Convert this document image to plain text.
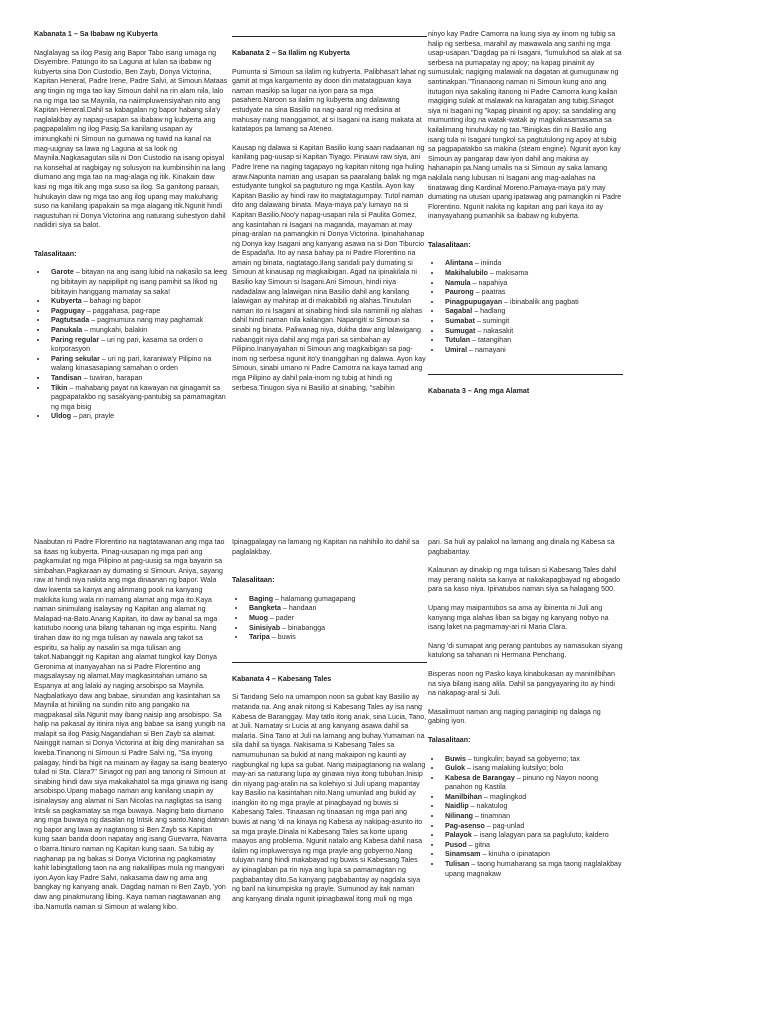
Kabanata 1 – Sa Ibabaw ng Kubyerta

Naglalayag sa ilog Pasig ang Bapor Tabo isang umaga ng Disyembre. Patungo ito sa Laguna at lulan sa ibabaw ng kubyerta sina Don Custodio, Ben Zayb, Donya Victorina, Kapitan Heneral, Padre Irene, Padre Salvi, at Simoun.Mataas ang tingin ng mga tao kay Simoun dahil na rin alam nila, lalo na ng mga tao sa Maynila, na naiimpluwensiyahan nito ang Kapitan Heneral.Dahil sa kabagalan ng bapor habang sila'y naglalakbay ay napag-usapan sa ibabaw ng kubyerta ang pagpapalalim ng ilog Pasig.Sa kanilang usapan ay iminungkahi ni Simoun na gumawa ng tuwid na kanal na mag-uugnay sa lawa ng Laguna at sa look ng Maynila.Nagkasagutan sila ni Don Custodio na isang opisyal na konsehal at nagbigay ng solusyon na kumbinsihin na lang diumano ang mga tao na mag-alaga ng itik. Kinakain daw kasi ng mga itik ang mga suso sa ilog. Sa ganitong paraan, huhukayin daw ng mga tao ang ilog upang may makuhang suso na kanilang ipapakain sa mga alagang itik.Ngunit hindi nagustuhan ni Donya Victorina ang naturang suhestyon dahil nadidiri siya sa balot.

Talasalitaan:
• Garote – bitayan na ang isang lubid na nakasilo sa leeg ng bibitayin ay napipilipit ng isang pamihit sa likod ng bibitayin hanggang mamatay sa saka!
• Kubyerta – bahagi ng bapor
• Pagpugay – paggahasa, pag-rape
• Pagtutsada – pagmumura nang may paghamak
• Panukala – mungkahi, balakin
• Paring regular – uri ng pari, kasama sa orden o korporasyon
• Paring sekular – uri ng pari, karaniwa'y Pilipino na walang kinasasapiang samahan o orden
• Tandisan – tuwiran, harapan
• Tikin – mahabang payat na kawayan na ginagamit sa pagpapatakbo ng sasakyang-pantubig sa pamamagitan ng mga bisig
• Uldog – pari, prayle
Kabanata 2 – Sa Ilalim ng Kubyerta

Pumunta si Simoun sa ilalim ng kubyerta. Palibhasa't lahat ng gamit at mga kargamento ay doon din matatagpuan kaya naman masikip sa lugar na iyon para sa mga pasahero.Naroon sa ilalim ng kubyerta ang dalawang estudyate na sina Basilio na nag-aaral ng medisina at mahusay nang manggamot, at si Isagani na isang makata at katatapos pa lamang sa Ateneo.

Kausap ng dalawa si Kapitan Basilio kung saan nadaanan ng kanilang pag-uusap si Kapitan Tiyago. Pinauwi raw siya, ani Padre Irene na naging tagapayo ng kapitan nitong nga huling araw.Napunta naman ang usapan sa paaralang balak ng mga estudyante tungkol sa pagtuturo ng mga Kastila. Ayon kay Kapitan Basilio ay hindi raw ito magtatagumpay. Tutol naman dito ang dalawang binata. Maya-maya pa'y lumayo na si Kapitan Basilio.Noo'y napag-usapan nila si Paulita Gomez, ang kasintahan ni Isagani na maganda, mayaman at may pinag-aralan na pamangkin ni Donya Victorina. Ipinahahanap ng Donya kay Isagani ang kanyang asawa na si Don Tiburcio de Espadaña. Ito ay nasa bahay pa ni Padre Florentino na amain ng binata, nagtatago.Ilang sandali pa'y dumating si Simoun at kinausap ng magkaibigan. Agad na ipinakilala ni Basilio kay Simoun si Isagani.Ani Simoun, hindi niya nadadalaw ang lalawigan nina Basilio dahil ang kanilang lalawigan ay mahirap at di makabibili ng alahas.Tinutulan naman ito ni Isagani at sinabing hindi sila namimili ng alahas dahil hindi naman nila kailangan. Napangiti si Simoun sa sinabi ng binata. Paliwanag niya, dukha daw ang lalawigang nabanggit niya dahil ang mga pari sa simbahan ay Pilipino.Inanyayahan ni Simoun ang magkaibigan sa pag-inom ng serbesa ngunit ito'y tinanggihan ng dalawa. Ayon kay Simoun, sinabi umano ni Padre Camorra na kaya tamad ang mga Pilipino ay dahil pala-inom ng tubig at hindi ng serbesa.Tinugon siya ni Basilio at sinabing, "sabihin

ninyo kay Padre Camorra na kung siya ay iinom ng tubig sa halip ng serbesa, marahil ay mawawala ang sanhi ng mga usap-usapan."Dagdag pa ni Isagani, "lumuluhod sa alak at sa serbesa na pumapatay ng apoy; na kapag pinainit ay sumusulak; nagiging malawak na dagatan at gumugunaw ng santinakpan."Tinanaong naman ni Simoun kung ano ang itutugon niya sakaling itanong ni Padre Camorra kung kailan magiging sulak at malawak na karagatan ang tubig.Sinagot siya ni Isagani ng "kapag pinainit ng apoy; sa sandaling ang mumunting ilog na watak-watak ay magkakasamasama sa kailalimang hinuhukay ng tao."Binigkas din ni Basilio ang isang tula ni Isagani tungkol sa pagtutulong ng apoy at tubig sa pagpapatakbo sa makina (steam engine). Ngunit ayon kay Simoun ay pangarap daw iyon dahil ang makina ay hahanapin pa.Nang umalis na si Simoun ay saka lamang nakilala nang lubusan ni Isagani ang mag-aalahas na tinatawag ding Kardinal Moreno.Pamaya-maya pa'y may dumating na utusan upang ipatawag ang pamangkin ni Padre Florentino. Ngunit nakita ng kapitan ang pari kaya ito ay inanyayahang pumanhik sa ibabaw ng kubyerta.

Talasalitaan:
• Alintana – iniinda
• Makihalubilo – makisama
• Namula – napahiya
• Paurong – paatras
• Pinagpupugayan – ibinabalik ang pagbati
• Sagabal – hadlang
• Sumabat – sumingit
• Sumugat – nakasakit
• Tutulan – tatangihan
• Umiral – namayani
Kabanata 3 – Ang mga Alamat

Naabutan ni Padre Florentino na nagtatawanan ang mga tao sa itaas ng kubyerta. Pinag-uusapan ng mga pari ang pagkamulat ng mga Pilipino at pag-uusig sa mga bayarin sa simbahan.Pagkaraan ay dumating si Simoun. Aniya, sayang raw at hindi niya nakita ang mga dinaanan ng bapor. Wala daw kwenta sa kanya ang alinmang pook na kanyang makikita kung wala rin namang alamat ang mga ito.Kaya naman sinimulang isalaysay ng Kapitan ang alamat ng Malapad-na-Bato.Anang Kapitan, ito daw ay banal sa mga katutubo noong una bilang tahanan ng mga espiritu. Nang tirahan daw ito ng mga tulisan ay nawala ang takot sa espiritu, sa halip ay nasalin sa mga tulisan ang takot.Nabanggit ng Kapitan ang alamat tungkol kay Donya Geronima at inanyayahan na si Padre Florentino ang magsalaysay ng alamat.May magkasintahan umano sa Espanya at ang lalaki ay naging arsobispo sa Maynila. Nagbalatkayo daw ang babae, sinundan ang kasintahan sa Maynila at hiniling na sundin nito ang pangako na magpakasal sila.Ngunit may ibang naisip ang arsobispo. Sa halip na pakasal ay itinira niya ang babae sa isang yungib na malapit sa ilog Pasig.Nagandahan si Ben Zayb sa alamat. Nainggit naman si Donya Victorina at ibig ding manirahan sa kweba.Tinanong ni Simoun si Padre Salvi ng, "Sa inyong palagay, hindi ba higit na mainam ay ilagay sa isang beateryo tulad ni Sta. Clara?" Sinagot ng pari ang tanong ni Simoun at sinabing hindi daw siya makakahatol sa mga ginawa ng isang arsobispo.Upang mabago naman ang kanilang usapin ay isinalaysay ang alamat ni San Nicolas na nagligtas sa isang Intsik sa pagkamatay sa mga buwaya. Naging bato diumano ang mga buwaya ng dasalan ng Intsik ang santo.Nang datnan ng bapor ang lawa ay nagtanong si Ben Zayb sa Kapitan kung saan banda doon napatay ang isang Guevarra, Navarra o Ibarra.Itinuro naman ng Kapitan kung saan. Sa tubig ay naghanap pa ng bakas si Donya Victorina ng pagkamatay kahit labingtatlong taon na ang nakalilipas mula ng mangyari iyon.Ayon kay Padre Salvi, nakasama daw ng ama ang bangkay ng kanyang anak. Dagdag naman ni Ben Zayb, 'yon daw ang pinakmurang libing. Kaya naman nagtawanan ang iba.Namutla naman si Simoun at walang kibo.

Ipinagpalagay na lamang ng Kapitan na nahihilo ito dahil sa paglalakbay.

Talasalitaan:
• Baging – halamang gumagapang
• Bangketa – handaan
• Muog – pader
• Sinisiyab – binabangga
• Taripa – buwis
Kabanata 4 – Kabesang Tales

Si Tandang Selo na umampon noon sa gubat kay Basilio ay matanda na. Ang anak nitong si Kabesang Tales ay isa nang Kabesa de Baranggay. May tatlo itong anak, sina Lucia, Tano, at Juli. Namatay si Lucia at ang kanyang asawa dahil sa malaria. Sina Tano at Juli na lamang ang buhay.Yumaman na sila dahil sa tiyaga. Nakisama si Kabesang Tales sa namumuhunan sa bukid at nang makaipon ng kaunti ay nagbungkal ng lupa sa gubat. Nang maipagtanong na walang may-ari sa naturang lupa ay ginawa niya itong tubuhan.Inisip din niyang pag-aralin na sa kolehiyo si Juli upang mapantay kay Basilio na kasintahan nito.Nang umunlad ang bukid ay inangkin ito ng mga prayle at pinagbayad ng buwis si Kabesang Tales. Tinaasan ng tinaasan ng mga pari ang buwis at nang 'di na kinaya ng Kabesa ay nakipag-asunto ito sa mga prayle.Dinala ni Kabesang Tales sa korte upang maayos ang problema. Ngunit natalo ang Kabesa dahil nasa ilalim ng impluwensya ng mga prayle ang gobyerno.Nang tuluyan nang hindi makabayad ng buwis si Kabesang Tales ay ipinaglaban pa rin niya ang lupa sa pamamagitan ng pagbabantay dito.Sa kanyang pagbabantay ay nagdala siya ng baril na kinumpiska ng prayle. Sumunod ay itak naman ang kanyang dinala ngunit ipinagbawal itong muli ng mga

pari. Sa huli ay palakol na lamang ang dinala ng Kabesa sa pagbabantay.

Kalaunan ay dinakip ng mga tulisan si Kabesang Tales dahil may perang nakita sa kanya at nakakapagbayad ng abogado para sa kaso niya. Ipinatubos naman siya sa halagang 500.

Upang may maipantubos sa ama ay ibinenta ni Juli ang kanyang mga alahas liban sa bigay ng kanyang nobyo na isang laket na pagmamay-ari ni Maria Clara.

Nang 'di sumapat ang perang pantubos ay namasukan siyang katulong sa tahanan ni Hermana Penchang.

Bisperas noon ng Pasko kaya kinabukasan ay maninilbihan na siya bilang isang alila. Dahil sa pangyayaring ito ay hindi na nakapag-aral si Juli.

Masalimuot naman ang naging panaginip ng dalaga ng gabing iyon.

Talasalitaan:
• Buwis – tungkulin; bayad sa gobyerno; tax
• Gulok – isang malaking kutsilyo; bolo
• Kabesa de Barangay – pinuno ng Nayon noong panahon ng Kastila
• Manilbihan – maglingkod
• Naidlip – nakatulog
• Nilinang – tinamnan
• Pag-asenso – pag-unlad
• Palayok – isang lalagyan para sa pagluluto; kaldero
• Pusod – gitna
• Sinamsam – kinuha o ipinatapon
• Tulisan – taong humaharang sa mga taong naglalakbay upang magnakaw
